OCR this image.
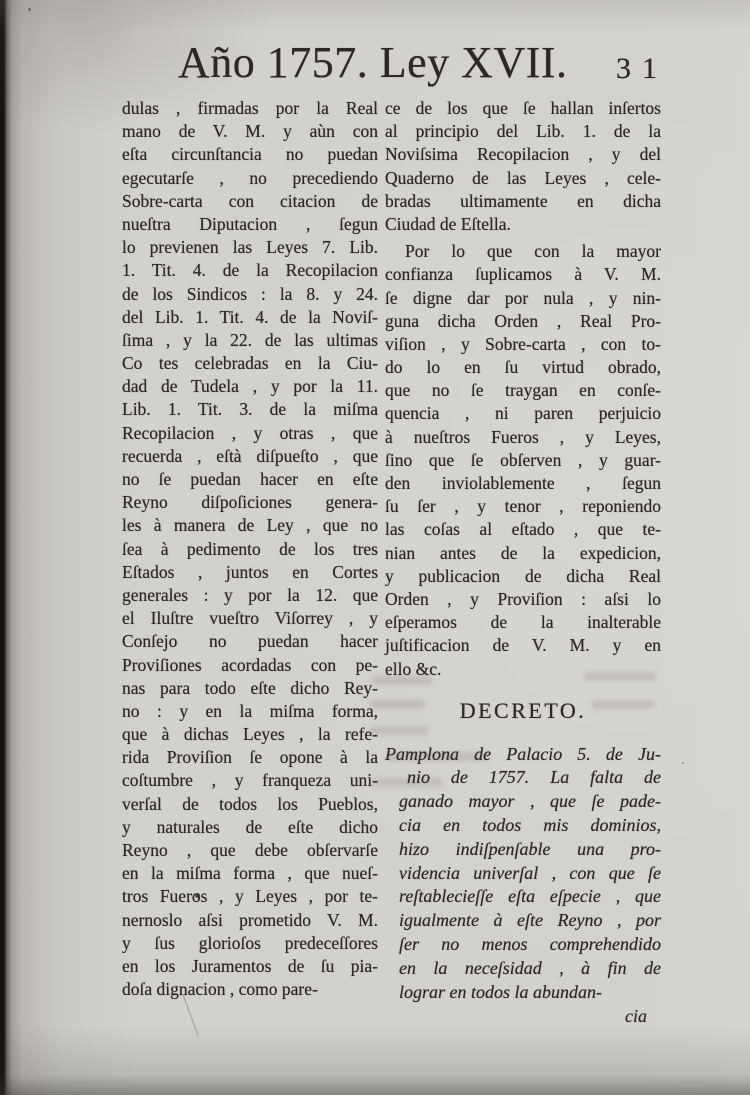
Año 1757. Ley XVII. 31
dulas , firmadas por la Real
mano de V. M. y aùn con
eſta circunſtancia no puedan
egecutarſe , no precediendo
Sobre-carta con citacion de
nueſtra Diputacion , ſegun
lo previenen las Leyes 7. Lib.
1. Tit. 4. de la Recopilacion
de los Sindicos : la 8. y 24.
del Lib. 1. Tit. 4. de la Noviſ-
ſima , y la 22. de las ultimas
Co tes celebradas en la Ciu-
dad de Tudela , y por la 11.
Lib. 1. Tit. 3. de la miſma
Recopilacion , y otras , que
recuerda , eſtà diſpueſto , que
no ſe puedan hacer en eſte
Reyno diſpoſiciones genera-
les à manera de Ley , que no
ſea à pedimento de los tres
Eſtados , juntos en Cortes
generales : y por la 12. que
el Iluſtre vueſtro Viſorrey , y
Conſejo no puedan hacer
Proviſiones acordadas con pe-
nas para todo eſte dicho Rey-
no : y en la miſma forma,
que à dichas Leyes , la refe-
rida Proviſion ſe opone à la
coſtumbre , y franqueza uni-
verſal de todos los Pueblos,
y naturales de eſte dicho
Reyno , que debe obſervarſe
en la miſma forma , que nueſ-
tros Fueros , y Leyes , por te-
nernoslo aſsi prometido V. M.
y ſus glorioſos predeceſſores
en los Juramentos de ſu pia-
doſa dignacion , como pare-
ce de los que ſe hallan inſertos
al principio del Lib. 1. de la
Noviſsima Recopilacion , y del
Quaderno de las Leyes , cele-
bradas ultimamente en dicha
Ciudad de Eſtella.
Por lo que con la mayor
confianza ſuplicamos à V. M.
ſe digne dar por nula , y nin-
guna dicha Orden , Real Pro-
viſion , y Sobre-carta , con to-
do lo en ſu virtud obrado,
que no ſe traygan en conſe-
quencia , ni paren perjuicio
à nueſtros Fueros , y Leyes,
ſino que ſe obſerven , y guar-
den inviolablemente , ſegun
ſu ſer , y tenor , reponiendo
las coſas al eſtado , que te-
nian antes de la expedicion,
y publicacion de dicha Real
Orden , y Proviſion : aſsi lo
eſperamos de la inalterable
juſtificacion de V. M. y en
ello &c.
DECRETO.
Pamplona de Palacio 5. de Ju-
nio de 1757. La falta de
ganado mayor , que ſe pade-
cia en todos mis dominios,
hizo indiſpenſable una pro-
videncia univerſal , con que ſe
reſtablecieſſe eſta eſpecie , que
igualmente à eſte Reyno , por
ſer no menos comprehendido
en la neceſsidad , à fin de
lograr en todos la abundan-
cia
